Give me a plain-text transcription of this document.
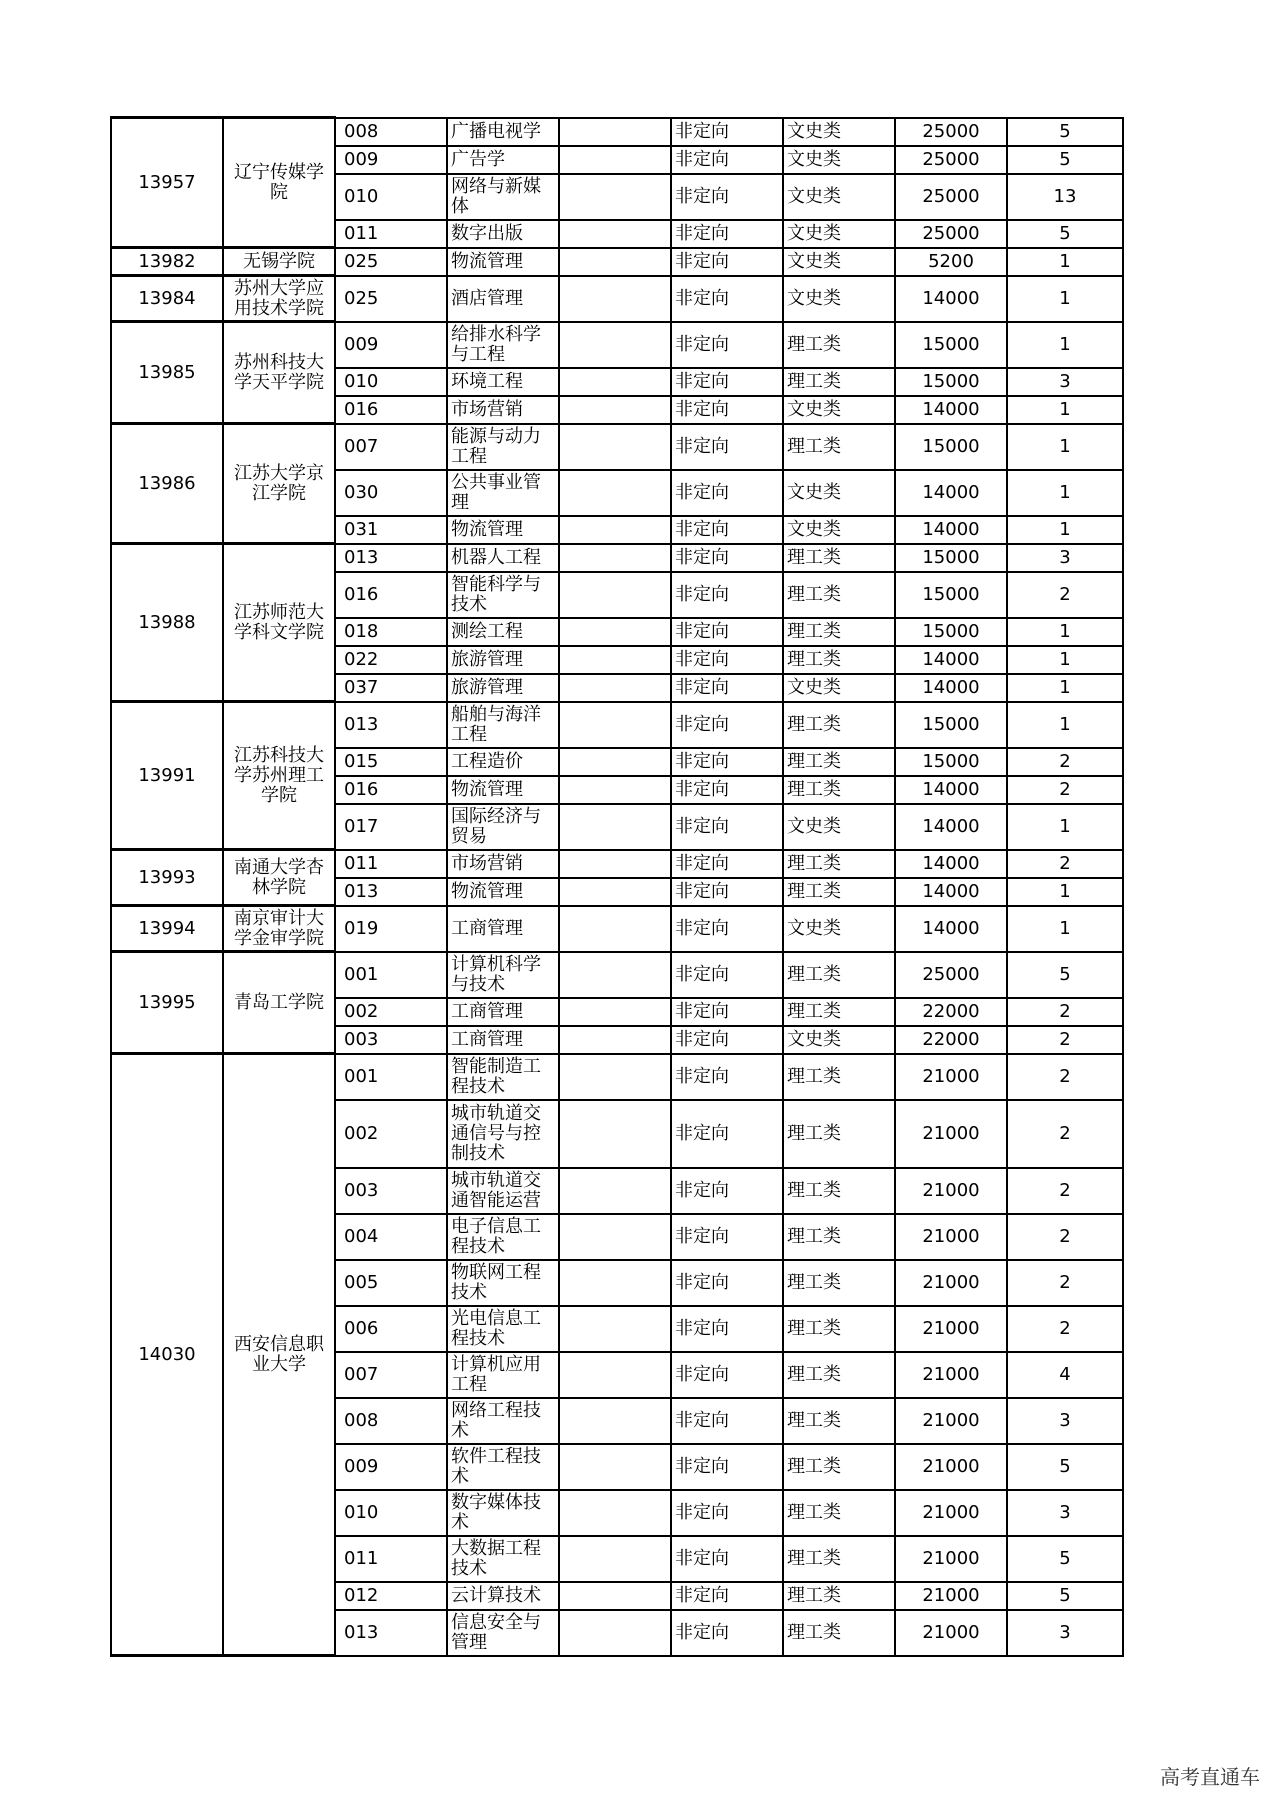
13957	辽宁传媒学院	008	广播电视学		非定向	文史类	25000	5
		009	广告学		非定向	文史类	25000	5
		010	网络与新媒体		非定向	文史类	25000	13
		011	数字出版		非定向	文史类	25000	5
13982	无锡学院	025	物流管理		非定向	文史类	5200	1
13984	苏州大学应用技术学院	025	酒店管理		非定向	文史类	14000	1
13985	苏州科技大学天平学院	009	给排水科学与工程		非定向	理工类	15000	1
		010	环境工程		非定向	理工类	15000	3
		016	市场营销		非定向	文史类	14000	1
13986	江苏大学京江学院	007	能源与动力工程		非定向	理工类	15000	1
		030	公共事业管理		非定向	文史类	14000	1
		031	物流管理		非定向	文史类	14000	1
13988	江苏师范大学科文学院	013	机器人工程		非定向	理工类	15000	3
		016	智能科学与技术		非定向	理工类	15000	2
		018	测绘工程		非定向	理工类	15000	1
		022	旅游管理		非定向	理工类	14000	1
		037	旅游管理		非定向	文史类	14000	1
13991	江苏科技大学苏州理工学院	013	船舶与海洋工程		非定向	理工类	15000	1
		015	工程造价		非定向	理工类	15000	2
		016	物流管理		非定向	理工类	14000	2
		017	国际经济与贸易		非定向	文史类	14000	1
13993	南通大学杏林学院	011	市场营销		非定向	理工类	14000	2
		013	物流管理		非定向	理工类	14000	1
13994	南京审计大学金审学院	019	工商管理		非定向	文史类	14000	1
13995	青岛工学院	001	计算机科学与技术		非定向	理工类	25000	5
		002	工商管理		非定向	理工类	22000	2
		003	工商管理		非定向	文史类	22000	2
14030	西安信息职业大学	001	智能制造工程技术		非定向	理工类	21000	2
		002	城市轨道交通信号与控制技术		非定向	理工类	21000	2
		003	城市轨道交通智能运营		非定向	理工类	21000	2
		004	电子信息工程技术		非定向	理工类	21000	2
		005	物联网工程技术		非定向	理工类	21000	2
		006	光电信息工程技术		非定向	理工类	21000	2
		007	计算机应用工程		非定向	理工类	21000	4
		008	网络工程技术		非定向	理工类	21000	3
		009	软件工程技术		非定向	理工类	21000	5
		010	数字媒体技术		非定向	理工类	21000	3
		011	大数据工程技术		非定向	理工类	21000	5
		012	云计算技术		非定向	理工类	21000	5
		013	信息安全与管理		非定向	理工类	21000	3
高考直通车
